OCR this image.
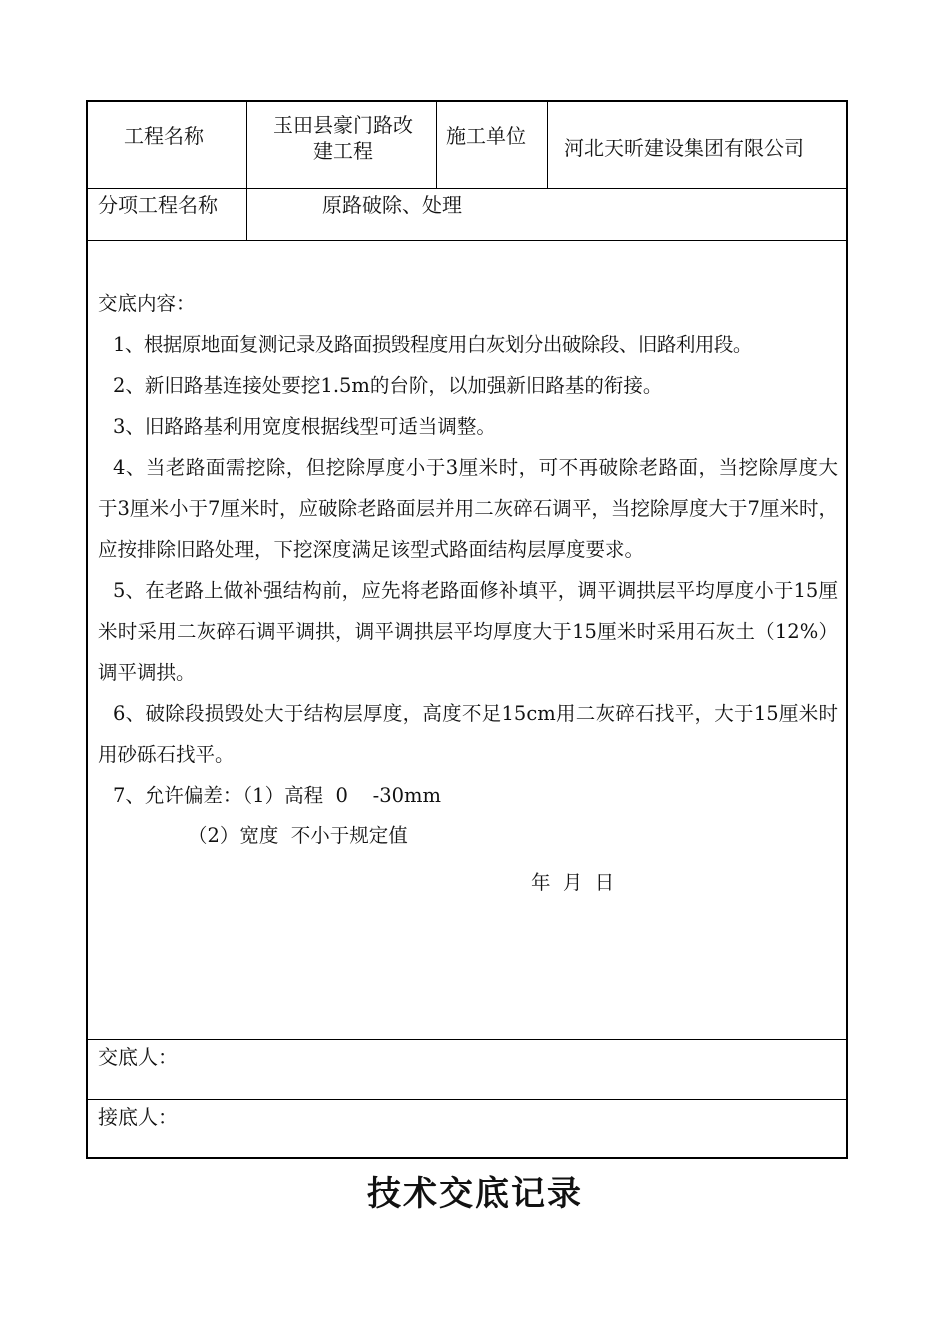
工程名称	玉田县豪门路改
建工程
施工单位 河北天昕建设集团有限公司
分项工程名称	原路破除、处理

交底内容：

1、根据原地面复测记录及路面损毁程度用白灰划分出破除段、旧路利用段。

2、新旧路基连接处要挖1.5m的台阶，以加强新旧路基的衔接。

3、旧路路基利用宽度根据线型可适当调整。

4、当老路面需挖除，但挖除厚度小于3厘米时，可不再破除老路面，当挖除厚度大于3厘米小于7厘米时，应破除老路面层并用二灰碎石调平，当挖除厚度大于7厘米时，应按排除旧路处理，下挖深度满足该型式路面结构层厚度要求。

5、在老路上做补强结构前，应先将老路面修补填平，调平调拱层平均厚度小于15厘米时采用二灰碎石调平调拱，调平调拱层平均厚度大于15厘米时采用石灰土（12%）调平调拱。

6、破除段损毁处大于结构层厚度，高度不足15cm用二灰碎石找平，大于15厘米时用砂砾石找平。

7、允许偏差：（1）高程  0    -30mm

（2）宽度  不小于规定值

年  月  日

交底人：
接底人：
技术交底记录
